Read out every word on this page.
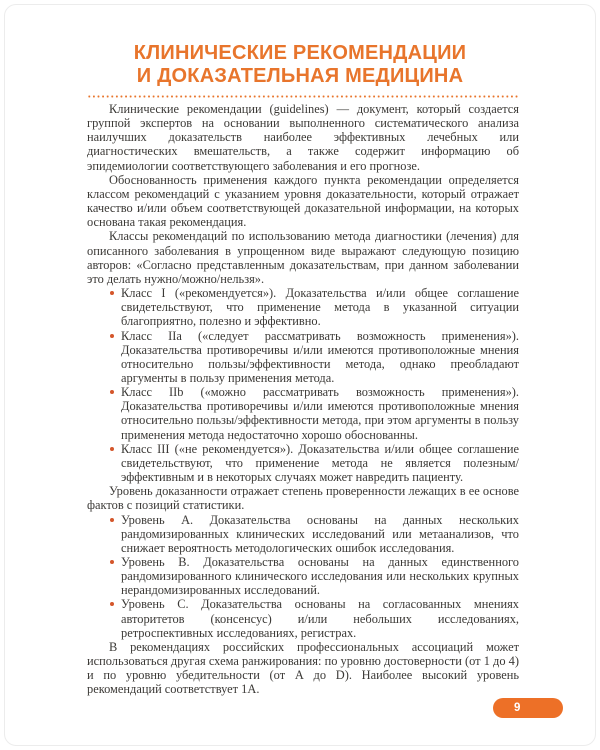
КЛИНИЧЕСКИЕ РЕКОМЕНДАЦИИ
И ДОКАЗАТЕЛЬНАЯ МЕДИЦИНА

Клинические рекомендации (guidelines) — документ, который создается группой экспертов на основании выполненного систематического анализа наилучших доказательств наиболее эффективных лечебных или диагностических вмешательств, а также содержит информацию об эпидемиологии соответствующего заболевания и его прогнозе.

Обоснованность применения каждого пункта рекомендации определяется классом рекомендаций с указанием уровня доказательности, который отражает качество и/или объем соответствующей доказательной информации, на которых основана такая рекомендация.

Классы рекомендаций по использованию метода диагностики (лечения) для описанного заболевания в упрощенном виде выражают следующую позицию авторов: «Согласно представленным доказательствам, при данном заболевании это делать нужно/можно/нельзя».

Класс I («рекомендуется»). Доказательства и/или общее соглашение свидетельствуют, что применение метода в указанной ситуации благоприятно, полезно и эффективно.
Класс IIа («следует рассматривать возможность применения»). Доказательства противоречивы и/или имеются противоположные мнения относительно пользы/эффективности метода, однако преобладают аргументы в пользу применения метода.
Класс IIb («можно рассматривать возможность применения»). Доказательства противоречивы и/или имеются противоположные мнения относительно пользы/эффективности метода, при этом аргументы в пользу применения метода недостаточно хорошо обоснованны.
Класс III («не рекомендуется»). Доказательства и/или общее соглашение свидетельствуют, что применение метода не является полезным/эффективным и в некоторых случаях может навредить пациенту.

Уровень доказанности отражает степень проверенности лежащих в ее основе фактов с позиций статистики.

Уровень А. Доказательства основаны на данных нескольких рандомизированных клинических исследований или метаанализов, что снижает вероятность методологических ошибок исследования.
Уровень В. Доказательства основаны на данных единственного рандомизированного клинического исследования или нескольких крупных нерандомизированных исследований.
Уровень С. Доказательства основаны на согласованных мнениях авторитетов (консенсус) и/или небольших исследованиях, ретроспективных исследованиях, регистрах.

В рекомендациях российских профессиональных ассоциаций может использоваться другая схема ранжирования: по уровню достоверности (от 1 до 4) и по уровню убедительности (от А до D). Наиболее высокий уровень рекомендаций соответствует 1А.

9
